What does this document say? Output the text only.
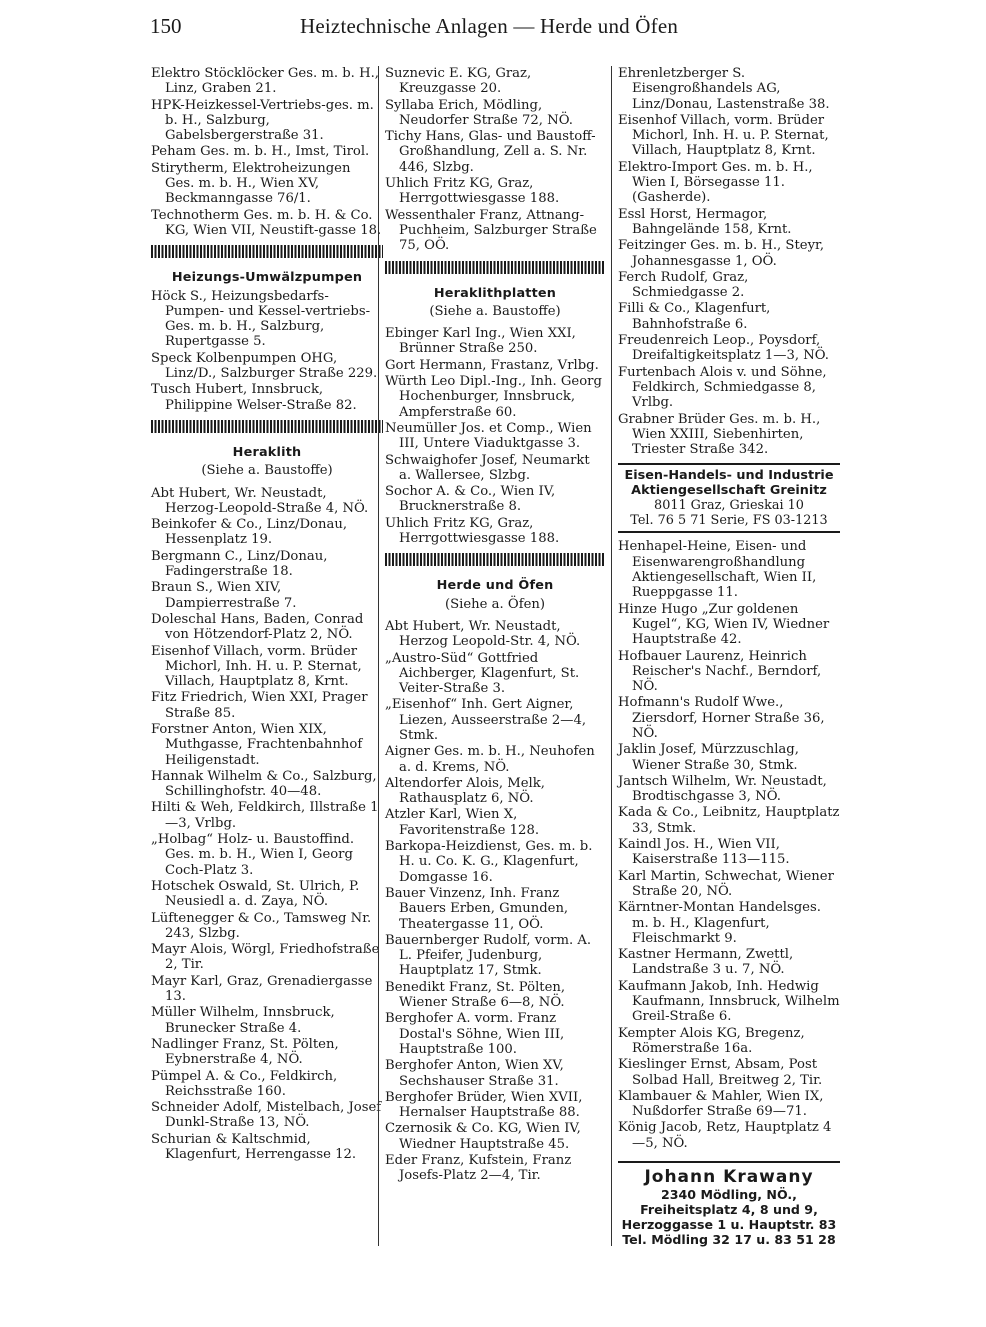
150	Heiztechnische Anlagen — Herde und Öfen
Elektro Stöcklöcker Ges. m. b. H., Linz, Graben 21.
HPK-Heizkessel-Vertriebs-ges. m. b. H., Salzburg, Gabelsbergerstraße 31.
Peham Ges. m. b. H., Imst, Tirol.
Stirytherm, Elektroheizungen Ges. m. b. H., Wien XV, Beckmanngasse 76/1.
Technotherm Ges. m. b. H. & Co. KG, Wien VII, Neustift-gasse 18.
Heizungs-Umwälzpumpen
Höck S., Heizungsbedarfs-Pumpen- und Kessel-vertriebs-Ges. m. b. H., Salzburg, Rupertgasse 5.
Speck Kolbenpumpen OHG, Linz/D., Salzburger Straße 229.
Tusch Hubert, Innsbruck, Philippine Welser-Straße 82.
Heraklith
(Siehe a. Baustoffe)
Abt Hubert, Wr. Neustadt, Herzog-Leopold-Straße 4, NÖ.
Beinkofer & Co., Linz/Donau, Hessenplatz 19.
Bergmann C., Linz/Donau, Fadingerstraße 18.
Braun S., Wien XIV, Dampierrestraße 7.
Doleschal Hans, Baden, Conrad von Hötzendorf-Platz 2, NÖ.
Eisenhof Villach, vorm. Brüder Michorl, Inh. H. u. P. Sternat, Villach, Hauptplatz 8, Krnt.
Fitz Friedrich, Wien XXI, Prager Straße 85.
Forstner Anton, Wien XIX, Muthgasse, Frachtenbahnhof Heiligenstadt.
Hannak Wilhelm & Co., Salzburg, Schillinghofstr. 40—48.
Hilti & Weh, Feldkirch, Illstraße 1—3, Vrlbg.
„Holbag“ Holz- u. Baustoffind. Ges. m. b. H., Wien I, Georg Coch-Platz 3.
Hotschek Oswald, St. Ulrich, P. Neusiedl a. d. Zaya, NÖ.
Lüftenegger & Co., Tamsweg Nr. 243, Slzbg.
Mayr Alois, Wörgl, Friedhofstraße 2, Tir.
Mayr Karl, Graz, Grenadiergasse 13.
Müller Wilhelm, Innsbruck, Brunecker Straße 4.
Nadlinger Franz, St. Pölten, Eybnerstraße 4, NÖ.
Pümpel A. & Co., Feldkirch, Reichsstraße 160.
Schneider Adolf, Mistelbach, Josef Dunkl-Straße 13, NÖ.
Schurian & Kaltschmid, Klagenfurt, Herrengasse 12.
Suznevic E. KG, Graz, Kreuzgasse 20.
Syllaba Erich, Mödling, Neudorfer Straße 72, NÖ.
Tichy Hans, Glas- und Baustoff-Großhandlung, Zell a. S. Nr. 446, Slzbg.
Uhlich Fritz KG, Graz, Herrgottwiesgasse 188.
Wessenthaler Franz, Attnang-Puchheim, Salzburger Straße 75, OÖ.
Heraklithplatten
(Siehe a. Baustoffe)
Ebinger Karl Ing., Wien XXI, Brünner Straße 250.
Gort Hermann, Frastanz, Vrlbg.
Würth Leo Dipl.-Ing., Inh. Georg Hochenburger, Innsbruck, Ampferstraße 60.
Neumüller Jos. et Comp., Wien III, Untere Viaduktgasse 3.
Schwaighofer Josef, Neumarkt a. Wallersee, Slzbg.
Sochor A. & Co., Wien IV, Brucknerstraße 8.
Uhlich Fritz KG, Graz, Herrgottwiesgasse 188.
Herde und Öfen
(Siehe a. Öfen)
Abt Hubert, Wr. Neustadt, Herzog Leopold-Str. 4, NÖ.
„Austro-Süd“ Gottfried Aichberger, Klagenfurt, St. Veiter-Straße 3.
„Eisenhof“ Inh. Gert Aigner, Liezen, Ausseerstraße 2—4, Stmk.
Aigner Ges. m. b. H., Neuhofen a. d. Krems, NÖ.
Altendorfer Alois, Melk, Rathausplatz 6, NÖ.
Atzler Karl, Wien X, Favoritenstraße 128.
Barkopa-Heizdienst, Ges. m. b. H. u. Co. K. G., Klagenfurt, Domgasse 16.
Bauer Vinzenz, Inh. Franz Bauers Erben, Gmunden, Theatergasse 11, OÖ.
Bauernberger Rudolf, vorm. A. L. Pfeifer, Judenburg, Hauptplatz 17, Stmk.
Benedikt Franz, St. Pölten, Wiener Straße 6—8, NÖ.
Berghofer A. vorm. Franz Dostal's Söhne, Wien III, Hauptstraße 100.
Berghofer Anton, Wien XV, Sechshauser Straße 31.
Berghofer Brüder, Wien XVII, Hernalser Hauptstraße 88.
Czernosik & Co. KG, Wien IV, Wiedner Hauptstraße 45.
Eder Franz, Kufstein, Franz Josefs-Platz 2—4, Tir.
Ehrenletzberger S. Eisengroßhandels AG, Linz/Donau, Lastenstraße 38.
Eisenhof Villach, vorm. Brüder Michorl, Inh. H. u. P. Sternat, Villach, Hauptplatz 8, Krnt.
Elektro-Import Ges. m. b. H., Wien I, Börsegasse 11. (Gasherde).
Essl Horst, Hermagor, Bahngelände 158, Krnt.
Feitzinger Ges. m. b. H., Steyr, Johannesgasse 1, OÖ.
Ferch Rudolf, Graz, Schmiedgasse 2.
Filli & Co., Klagenfurt, Bahnhofstraße 6.
Freudenreich Leop., Poysdorf, Dreifaltigkeitsplatz 1—3, NÖ.
Furtenbach Alois v. und Söhne, Feldkirch, Schmiedgasse 8, Vrlbg.
Grabner Brüder Ges. m. b. H., Wien XXIII, Siebenhirten, Triester Straße 342.
Eisen-Handels- und Industrie
Aktiengesellschaft Greinitz
8011 Graz, Grieskai 10
Tel. 76 5 71 Serie, FS 03-1213
Henhapel-Heine, Eisen- und Eisenwarengroßhandlung Aktiengesellschaft, Wien II, Rueppgasse 11.
Hinze Hugo „Zur goldenen Kugel“, KG, Wien IV, Wiedner Hauptstraße 42.
Hofbauer Laurenz, Heinrich Reischer's Nachf., Berndorf, NÖ.
Hofmann's Rudolf Wwe., Ziersdorf, Horner Straße 36, NÖ.
Jaklin Josef, Mürzzuschlag, Wiener Straße 30, Stmk.
Jantsch Wilhelm, Wr. Neustadt, Brodtischgasse 3, NÖ.
Kada & Co., Leibnitz, Hauptplatz 33, Stmk.
Kaindl Jos. H., Wien VII, Kaiserstraße 113—115.
Karl Martin, Schwechat, Wiener Straße 20, NÖ.
Kärntner-Montan Handelsges. m. b. H., Klagenfurt, Fleischmarkt 9.
Kastner Hermann, Zwettl, Landstraße 3 u. 7, NÖ.
Kaufmann Jakob, Inh. Hedwig Kaufmann, Innsbruck, Wilhelm Greil-Straße 6.
Kempter Alois KG, Bregenz, Römerstraße 16a.
Kieslinger Ernst, Absam, Post Solbad Hall, Breitweg 2, Tir.
Klambauer & Mahler, Wien IX, Nußdorfer Straße 69—71.
König Jacob, Retz, Hauptplatz 4—5, NÖ.
Johann Krawany
2340 Mödling, NÖ.,
Freiheitsplatz 4, 8 und 9,
Herzoggasse 1 u. Hauptstr. 83
Tel. Mödling 32 17 u. 83 51 28
